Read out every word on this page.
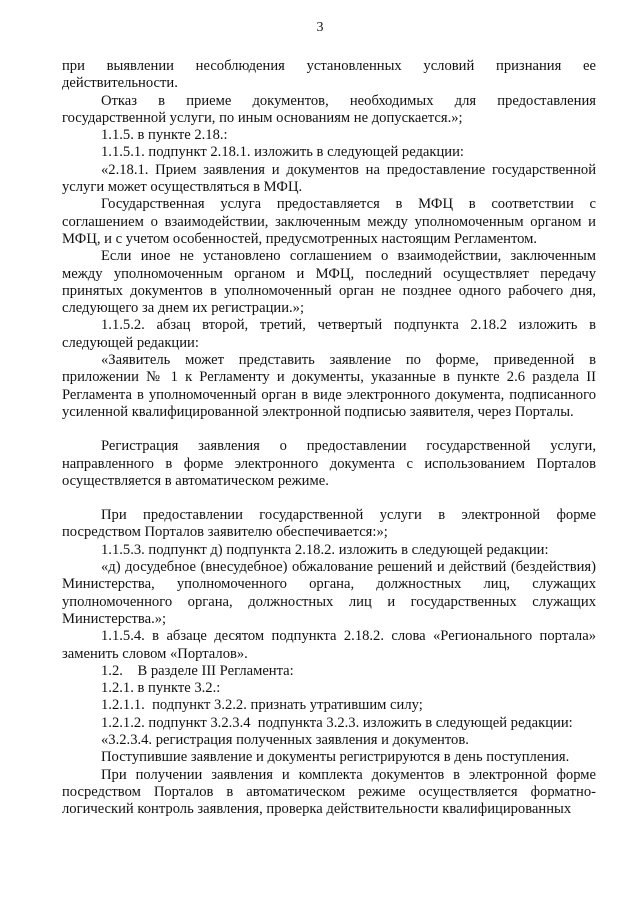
3

при выявлении несоблюдения установленных условий признания ее действительности.

Отказ в приеме документов, необходимых для предоставления государственной услуги, по иным основаниям не допускается.»;

1.1.5. в пункте 2.18.:

1.1.5.1. подпункт 2.18.1. изложить в следующей редакции:

«2.18.1. Прием заявления и документов на предоставление государственной услуги может осуществляться в МФЦ.

Государственная услуга предоставляется в МФЦ в соответствии с соглашением о взаимодействии, заключенным между уполномоченным органом и МФЦ, и с учетом особенностей, предусмотренных настоящим Регламентом.

Если иное не установлено соглашением о взаимодействии, заключенным между уполномоченным органом и МФЦ, последний осуществляет передачу принятых документов в уполномоченный орган не позднее одного рабочего дня, следующего за днем их регистрации.»;

1.1.5.2. абзац второй, третий, четвертый подпункта 2.18.2 изложить в следующей редакции:

«Заявитель может представить заявление по форме, приведенной в приложении № 1 к Регламенту и документы, указанные в пункте 2.6 раздела II Регламента в уполномоченный орган в виде электронного документа, подписанного усиленной квалифицированной электронной подписью заявителя, через Порталы.

Регистрация заявления о предоставлении государственной услуги, направленного в форме электронного документа с использованием Порталов осуществляется в автоматическом режиме.

При предоставлении государственной услуги в электронной форме посредством Порталов заявителю обеспечивается:»;

1.1.5.3. подпункт д) подпункта 2.18.2. изложить в следующей редакции:

«д) досудебное (внесудебное) обжалование решений и действий (бездействия) Министерства, уполномоченного органа, должностных лиц, служащих уполномоченного органа, должностных лиц и государственных служащих Министерства.»;

1.1.5.4. в абзаце десятом подпункта 2.18.2. слова «Регионального портала» заменить словом «Порталов».

1.2.    В разделе III Регламента:

1.2.1. в пункте 3.2.:

1.2.1.1.  подпункт 3.2.2. признать утратившим силу;

1.2.1.2. подпункт 3.2.3.4  подпункта 3.2.3. изложить в следующей редакции:

«3.2.3.4. регистрация полученных заявления и документов.

Поступившие заявление и документы регистрируются в день поступления.

При получении заявления и комплекта документов в электронной форме посредством Порталов в автоматическом режиме осуществляется форматно-логический контроль заявления, проверка действительности квалифицированных
